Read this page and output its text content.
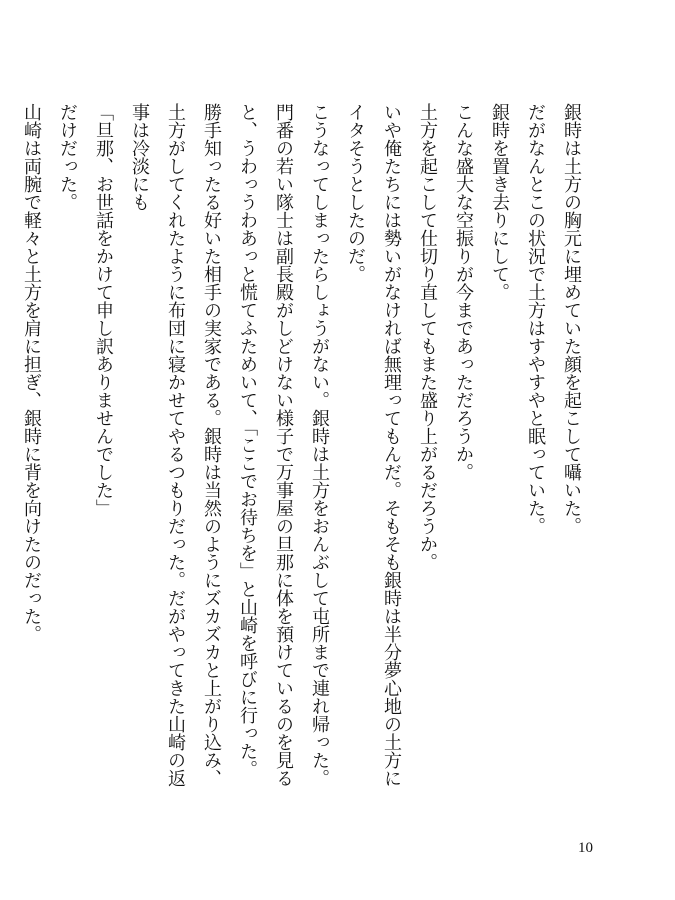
銀時は土方の胸元に埋めていた顔を起こして囁いた。

だがなんとこの状況で土方はすやすやと眠っていた。

銀時を置き去りにして。

こんな盛大な空振りが今まであっただろうか。

土方を起こして仕切り直してもまた盛り上がるだろうか。

いや俺たちには勢いがなければ無理ってもんだ。そもそも銀時は半分夢心地の土方にイタそうとしたのだ。

こうなってしまったらしょうがない。銀時は土方をおんぶして屯所まで連れ帰った。門番の若い隊士は副長殿がしどけない様子で万事屋の旦那に体を預けているのを見ると、うわっうわあっと慌てふためいて、「ここでお待ちを」と山崎を呼びに行った。

勝手知ったる好いた相手の実家である。銀時は当然のようにズカズカと上がり込み、土方がしてくれたように布団に寝かせてやるつもりだった。だがやってきた山崎の返事は冷淡にも

「旦那、お世話をかけて申し訳ありませんでした」

だけだった。

山崎は両腕で軽々と土方を肩に担ぎ、銀時に背を向けたのだった。

10
